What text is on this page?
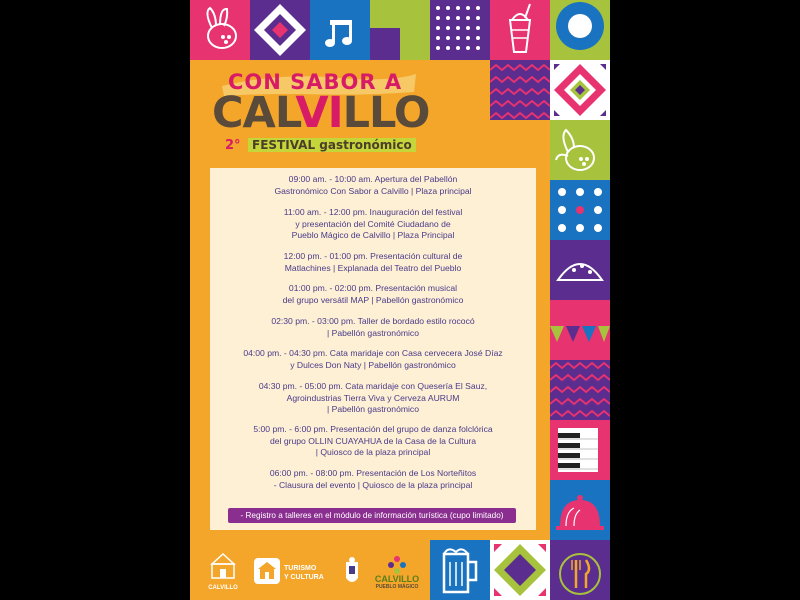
CON SABOR A
CALVILLO
2° FESTIVAL gastronómico
09:00 am. - 10:00 am. Apertura del Pabellón
Gastronómico Con Sabor a Calvillo | Plaza principal
11:00 am. - 12:00 pm. Inauguración del festival
y presentación del Comité Ciudadano de
Pueblo Mágico de Calvillo | Plaza Principal
12:00 pm. - 01:00 pm. Presentación cultural de
Matlachines | Explanada del Teatro del Pueblo
01:00 pm. - 02:00 pm. Presentación musical
del grupo versátil MAP | Pabellón gastronómico
02:30 pm. - 03:00 pm. Taller de bordado estilo rococó
| Pabellón gastronómico
04:00 pm. - 04:30 pm. Cata maridaje con Casa cervecera José Díaz
y Dulces Don Naty | Pabellón gastronómico
04:30 pm. - 05:00 pm. Cata maridaje con Quesería El Sauz,
Agroindustrias Tierra Viva y Cerveza AURUM
| Pabellón gastronómico
5:00 pm. - 6:00 pm. Presentación del grupo de danza folclórica
del grupo OLLIN CUAYAHUA de la Casa de la Cultura
| Quiosco de la plaza principal
06:00 pm. - 08:00 pm. Presentación de Los Norteñitos
- Clausura del evento | Quiosco de la plaza principal
- Registro a talleres en el módulo de información turística (cupo limitado)
CALVILLO
TURISMO
Y CULTURA	CALVILLO
PUEBLO MÁGICO
